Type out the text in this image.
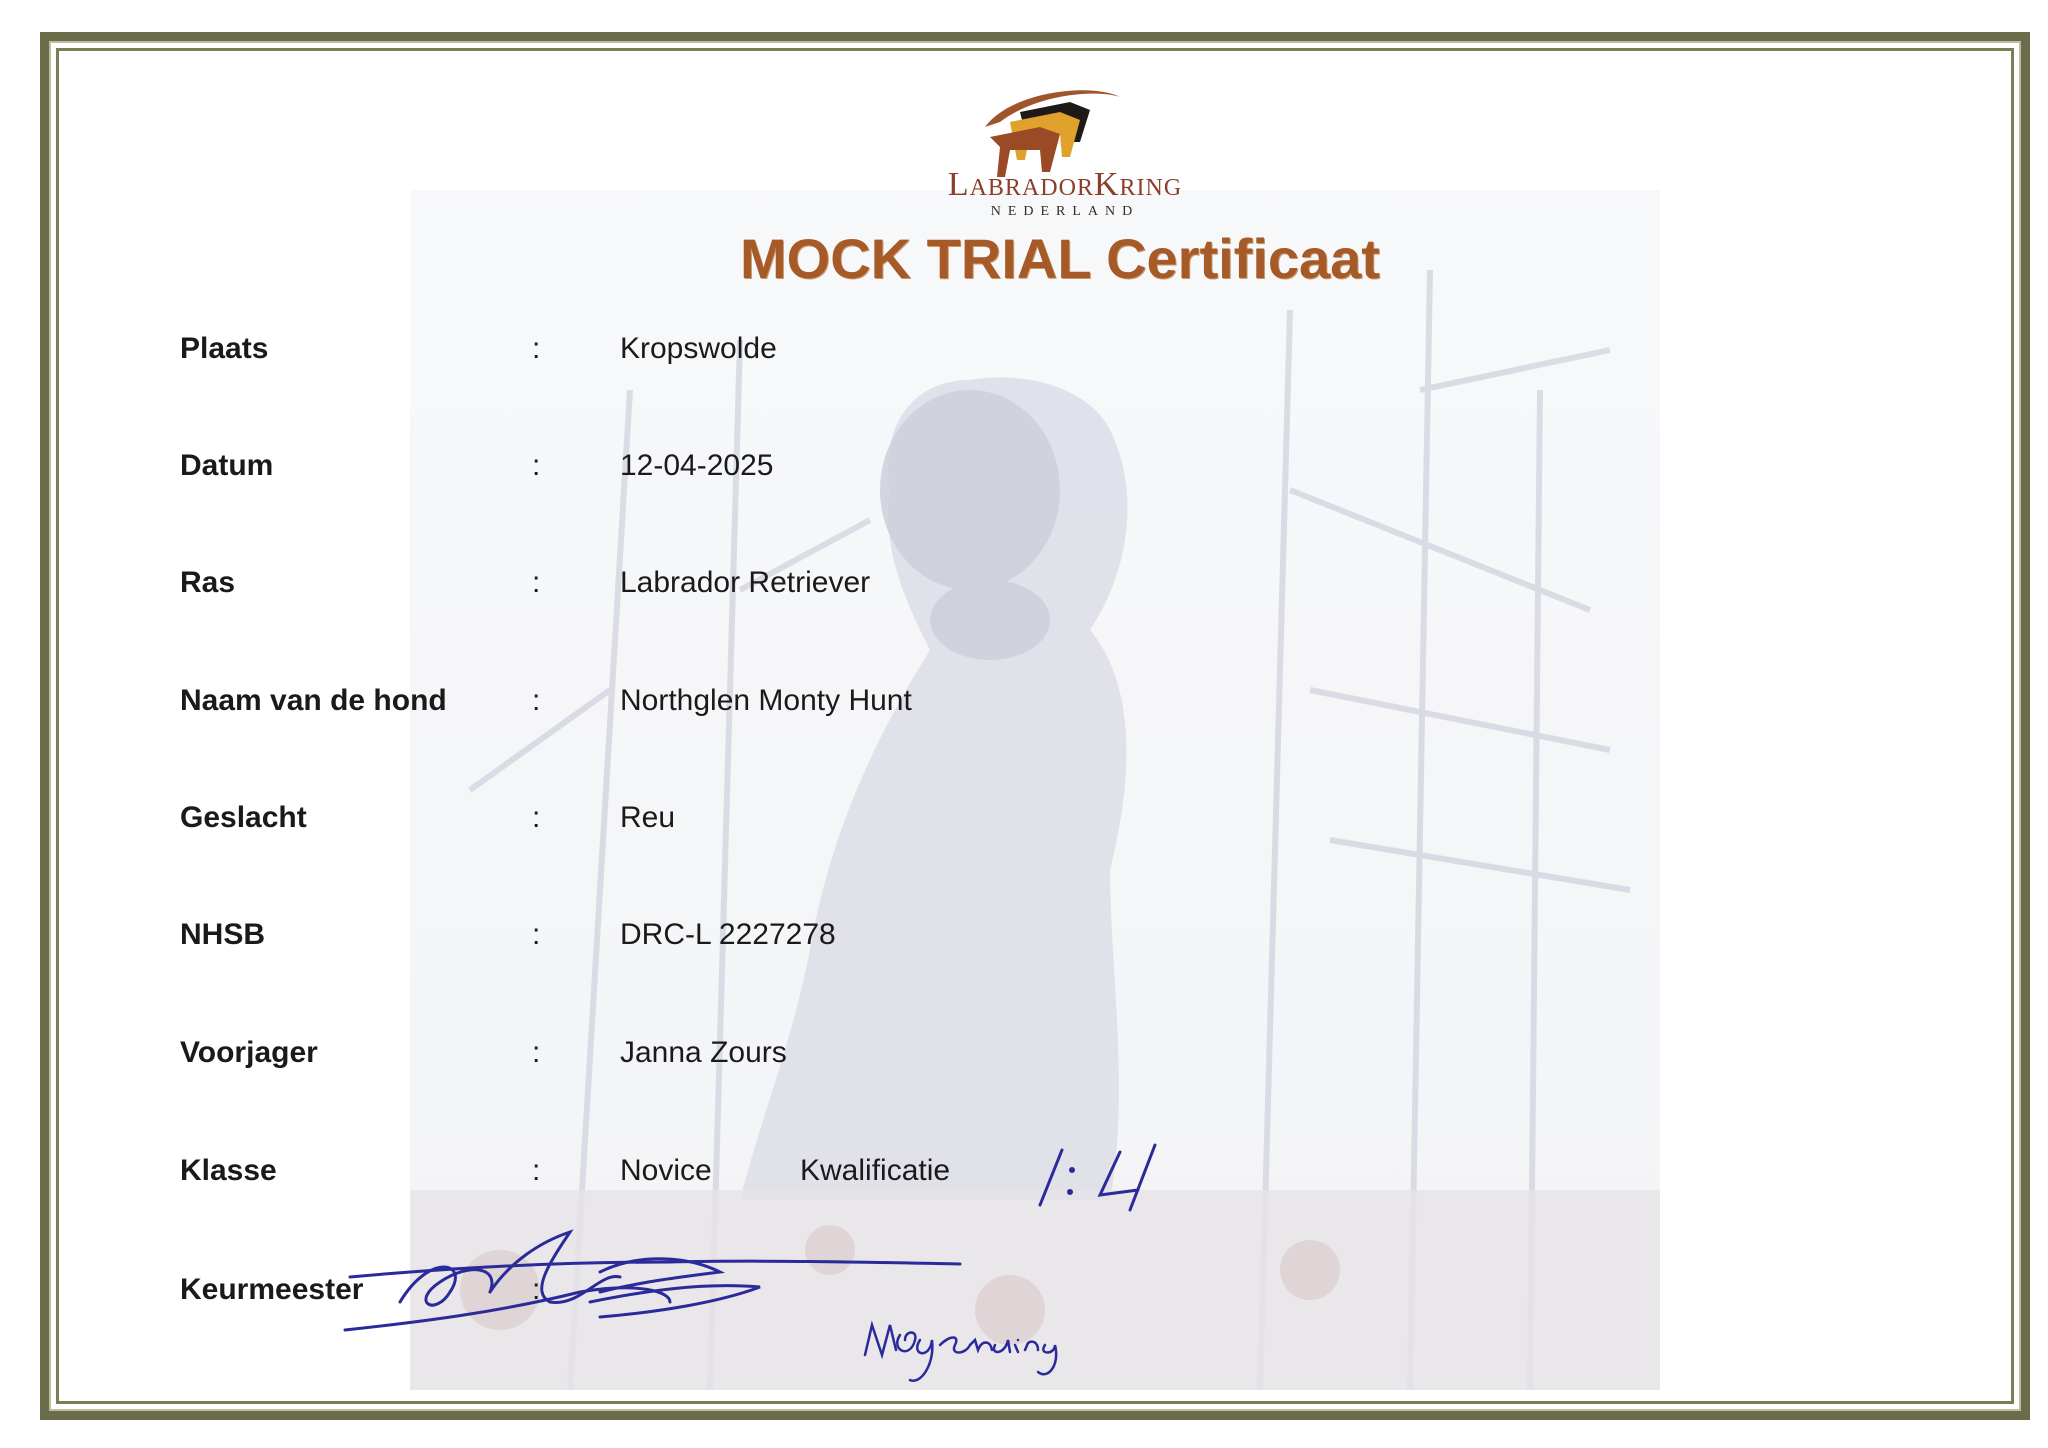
LabradorKring
NEDERLAND
MOCK TRIAL Certificaat
Plaats	:	Kropswolde
Datum	:	12-04-2025
Ras	:	Labrador Retriever
Naam van de hond	:	Northglen Monty Hunt
Geslacht	:	Reu
NHSB	:	DRC-L 2227278
Voorjager	:	Janna Zours
Klasse	:	Novice	Kwalificatie
Keurmeester	:
